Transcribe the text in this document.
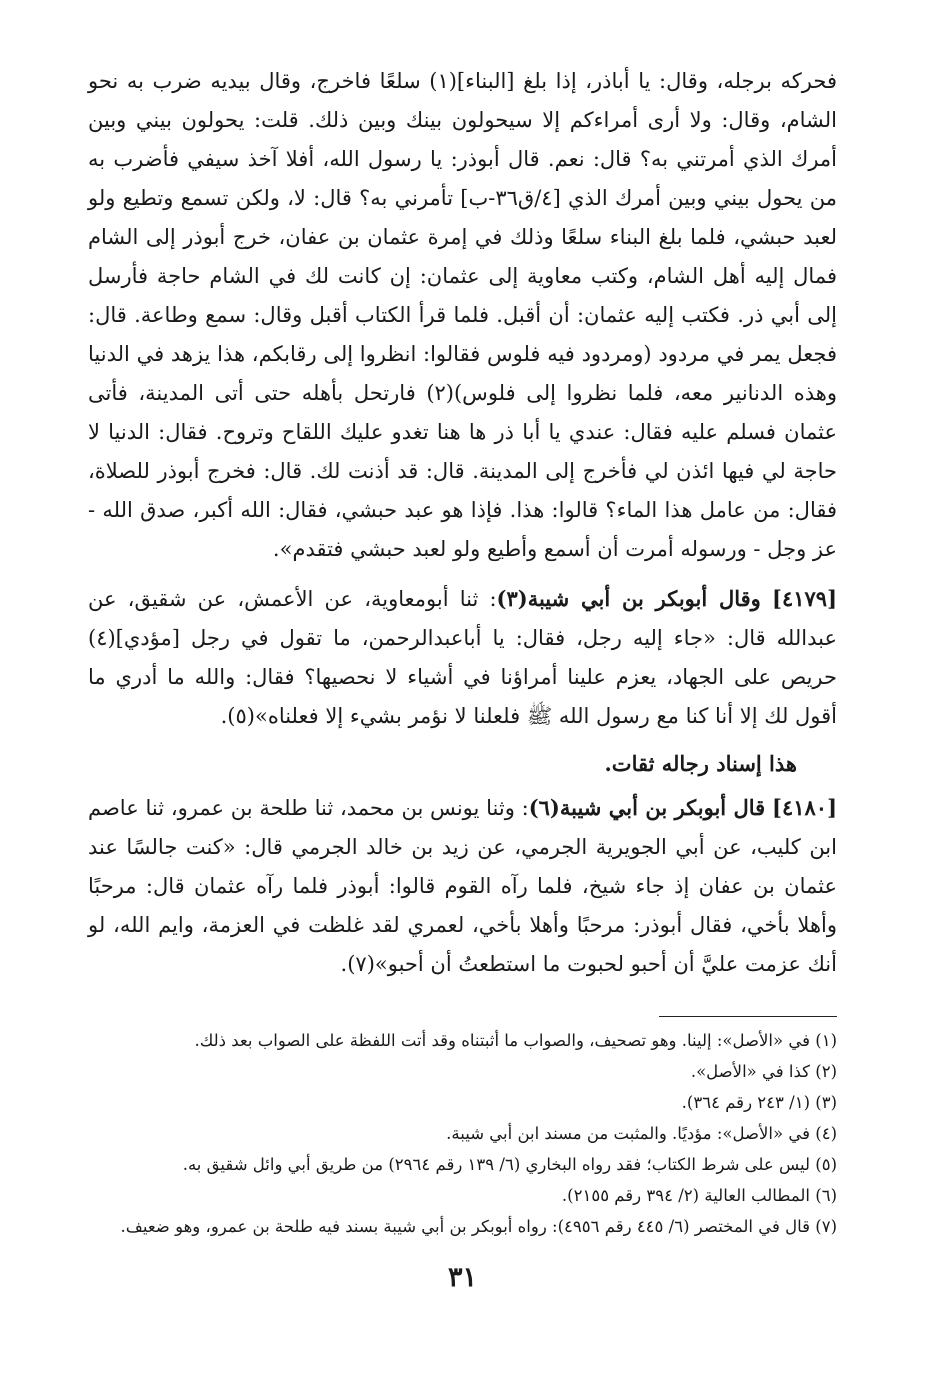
فحركه برجله، وقال: يا أباذر، إذا بلغ [البناء](١) سلعًا فاخرج، وقال بيديه ضرب به نحو الشام، وقال: ولا أرى أمراءكم إلا سيحولون بينك وبين ذلك. قلت: يحولون بيني وبين أمرك الذي أمرتني به؟ قال: نعم. قال أبوذر: يا رسول الله، أفلا آخذ سيفي فأضرب به من يحول بيني وبين أمرك الذي [٤/ق٣٦-ب] تأمرني به؟ قال: لا، ولكن تسمع وتطيع ولو لعبد حبشي، فلما بلغ البناء سلعًا وذلك في إمرة عثمان بن عفان، خرج أبوذر إلى الشام فمال إليه أهل الشام، وكتب معاوية إلى عثمان: إن كانت لك في الشام حاجة فأرسل إلى أبي ذر. فكتب إليه عثمان: أن أقبل. فلما قرأ الكتاب أقبل وقال: سمع وطاعة. قال: فجعل يمر في مردود (ومردود فيه فلوس فقالوا: انظروا إلى رقابكم، هذا يزهد في الدنيا وهذه الدنانير معه، فلما نظروا إلى فلوس)(٢) فارتحل بأهله حتى أتى المدينة، فأتى عثمان فسلم عليه فقال: عندي يا أبا ذر ها هنا تغدو عليك اللقاح وتروح. فقال: الدنيا لا حاجة لي فيها ائذن لي فأخرج إلى المدينة. قال: قد أذنت لك. قال: فخرج أبوذر للصلاة، فقال: من عامل هذا الماء؟ قالوا: هذا. فإذا هو عبد حبشي، فقال: الله أكبر، صدق الله - عز وجل - ورسوله أمرت أن أسمع وأطيع ولو لعبد حبشي فتقدم».

[٤١٧٩] وقال أبوبكر بن أبي شيبة(٣): ثنا أبومعاوية، عن الأعمش، عن شقيق، عن عبدالله قال: «جاء إليه رجل، فقال: يا أباعبدالرحمن، ما تقول في رجل [مؤدي](٤) حريص على الجهاد، يعزم علينا أمراؤنا في أشياء لا نحصيها؟ فقال: والله ما أدري ما أقول لك إلا أنا كنا مع رسول الله ﷺ فلعلنا لا نؤمر بشيء إلا فعلناه»(٥).

هذا إسناد رجاله ثقات.

[٤١٨٠] قال أبوبكر بن أبي شيبة(٦): وثنا يونس بن محمد، ثنا طلحة بن عمرو، ثنا عاصم ابن كليب، عن أبي الجويرية الجرمي، عن زيد بن خالد الجرمي قال: «كنت جالسًا عند عثمان بن عفان إذ جاء شيخ، فلما رآه القوم قالوا: أبوذر فلما رآه عثمان قال: مرحبًا وأهلا بأخي، فقال أبوذر: مرحبًا وأهلا بأخي، لعمري لقد غلظت في العزمة، وايم الله، لو أنك عزمت عليَّ أن أحبو لحبوت ما استطعتُ أن أحبو»(٧).

(١) في «الأصل»: إلينا. وهو تصحيف، والصواب ما أثبتناه وقد أتت اللفظة على الصواب بعد ذلك.

(٢) كذا في «الأصل».

(٣) (١/ ٢٤٣ رقم ٣٦٤).

(٤) في «الأصل»: مؤديًا. والمثبت من مسند ابن أبي شيبة.

(٥) ليس على شرط الكتاب؛ فقد رواه البخاري (٦/ ١٣٩ رقم ٢٩٦٤) من طريق أبي وائل شقيق به.

(٦) المطالب العالية (٢/ ٣٩٤ رقم ٢١٥٥).

(٧) قال في المختصر (٦/ ٤٤٥ رقم ٤٩٥٦): رواه أبوبكر بن أبي شيبة بسند فيه طلحة بن عمرو، وهو ضعيف.

٣١
